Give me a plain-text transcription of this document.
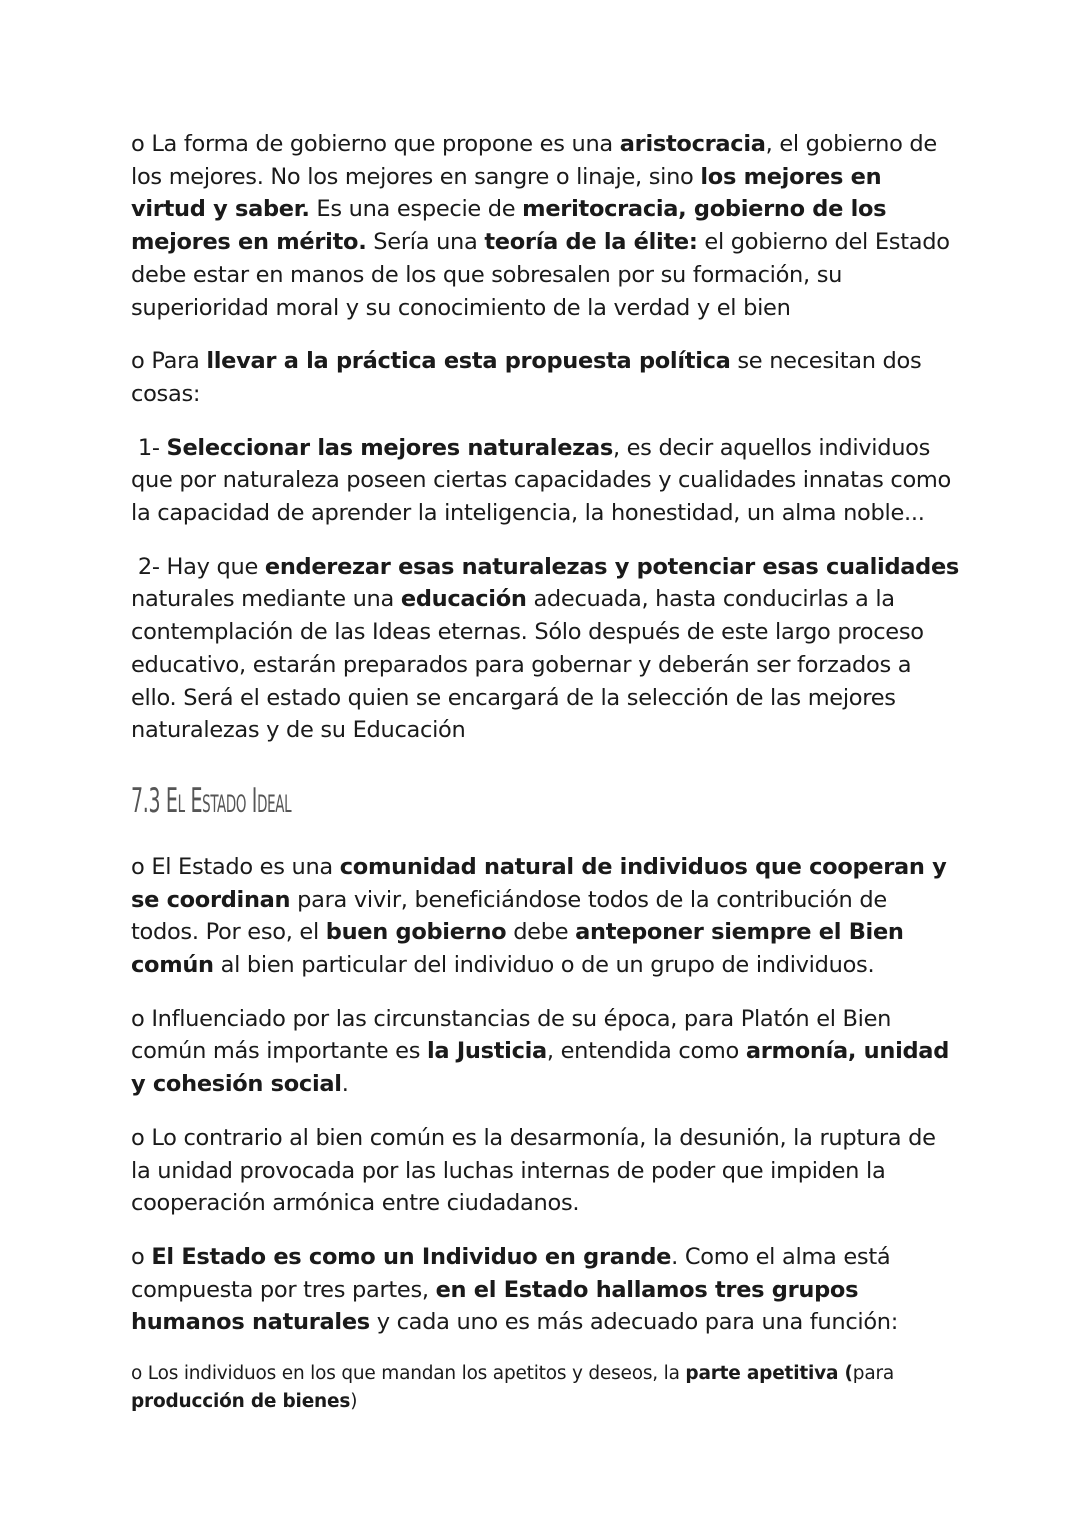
o La forma de gobierno que propone es una aristocracia, el gobierno de los mejores. No los mejores en sangre o linaje, sino los mejores en virtud y saber. Es una especie de meritocracia, gobierno de los mejores en mérito. Sería una teoría de la élite: el gobierno del Estado debe estar en manos de los que sobresalen por su formación, su superioridad moral y su conocimiento de la verdad y el bien

o Para llevar a la práctica esta propuesta política se necesitan dos cosas:

1- Seleccionar las mejores naturalezas, es decir aquellos individuos que por naturaleza poseen ciertas capacidades y cualidades innatas como la capacidad de aprender la inteligencia, la honestidad, un alma noble...

2- Hay que enderezar esas naturalezas y potenciar esas cualidades naturales mediante una educación adecuada, hasta conducirlas a la contemplación de las Ideas eternas. Sólo después de este largo proceso educativo, estarán preparados para gobernar y deberán ser forzados a ello. Será el estado quien se encargará de la selección de las mejores naturalezas y de su Educación

7.3 El Estado Ideal

o El Estado es una comunidad natural de individuos que cooperan y se coordinan para vivir, beneficiándose todos de la contribución de todos. Por eso, el buen gobierno debe anteponer siempre el Bien común al bien particular del individuo o de un grupo de individuos.

o Influenciado por las circunstancias de su época, para Platón el Bien común más importante es la Justicia, entendida como armonía, unidad y cohesión social.

o Lo contrario al bien común es la desarmonía, la desunión, la ruptura de la unidad provocada por las luchas internas de poder que impiden la cooperación armónica entre ciudadanos.

o El Estado es como un Individuo en grande. Como el alma está compuesta por tres partes, en el Estado hallamos tres grupos humanos naturales y cada uno es más adecuado para una función:

o Los individuos en los que mandan los apetitos y deseos, la parte apetitiva (para producción de bienes)
